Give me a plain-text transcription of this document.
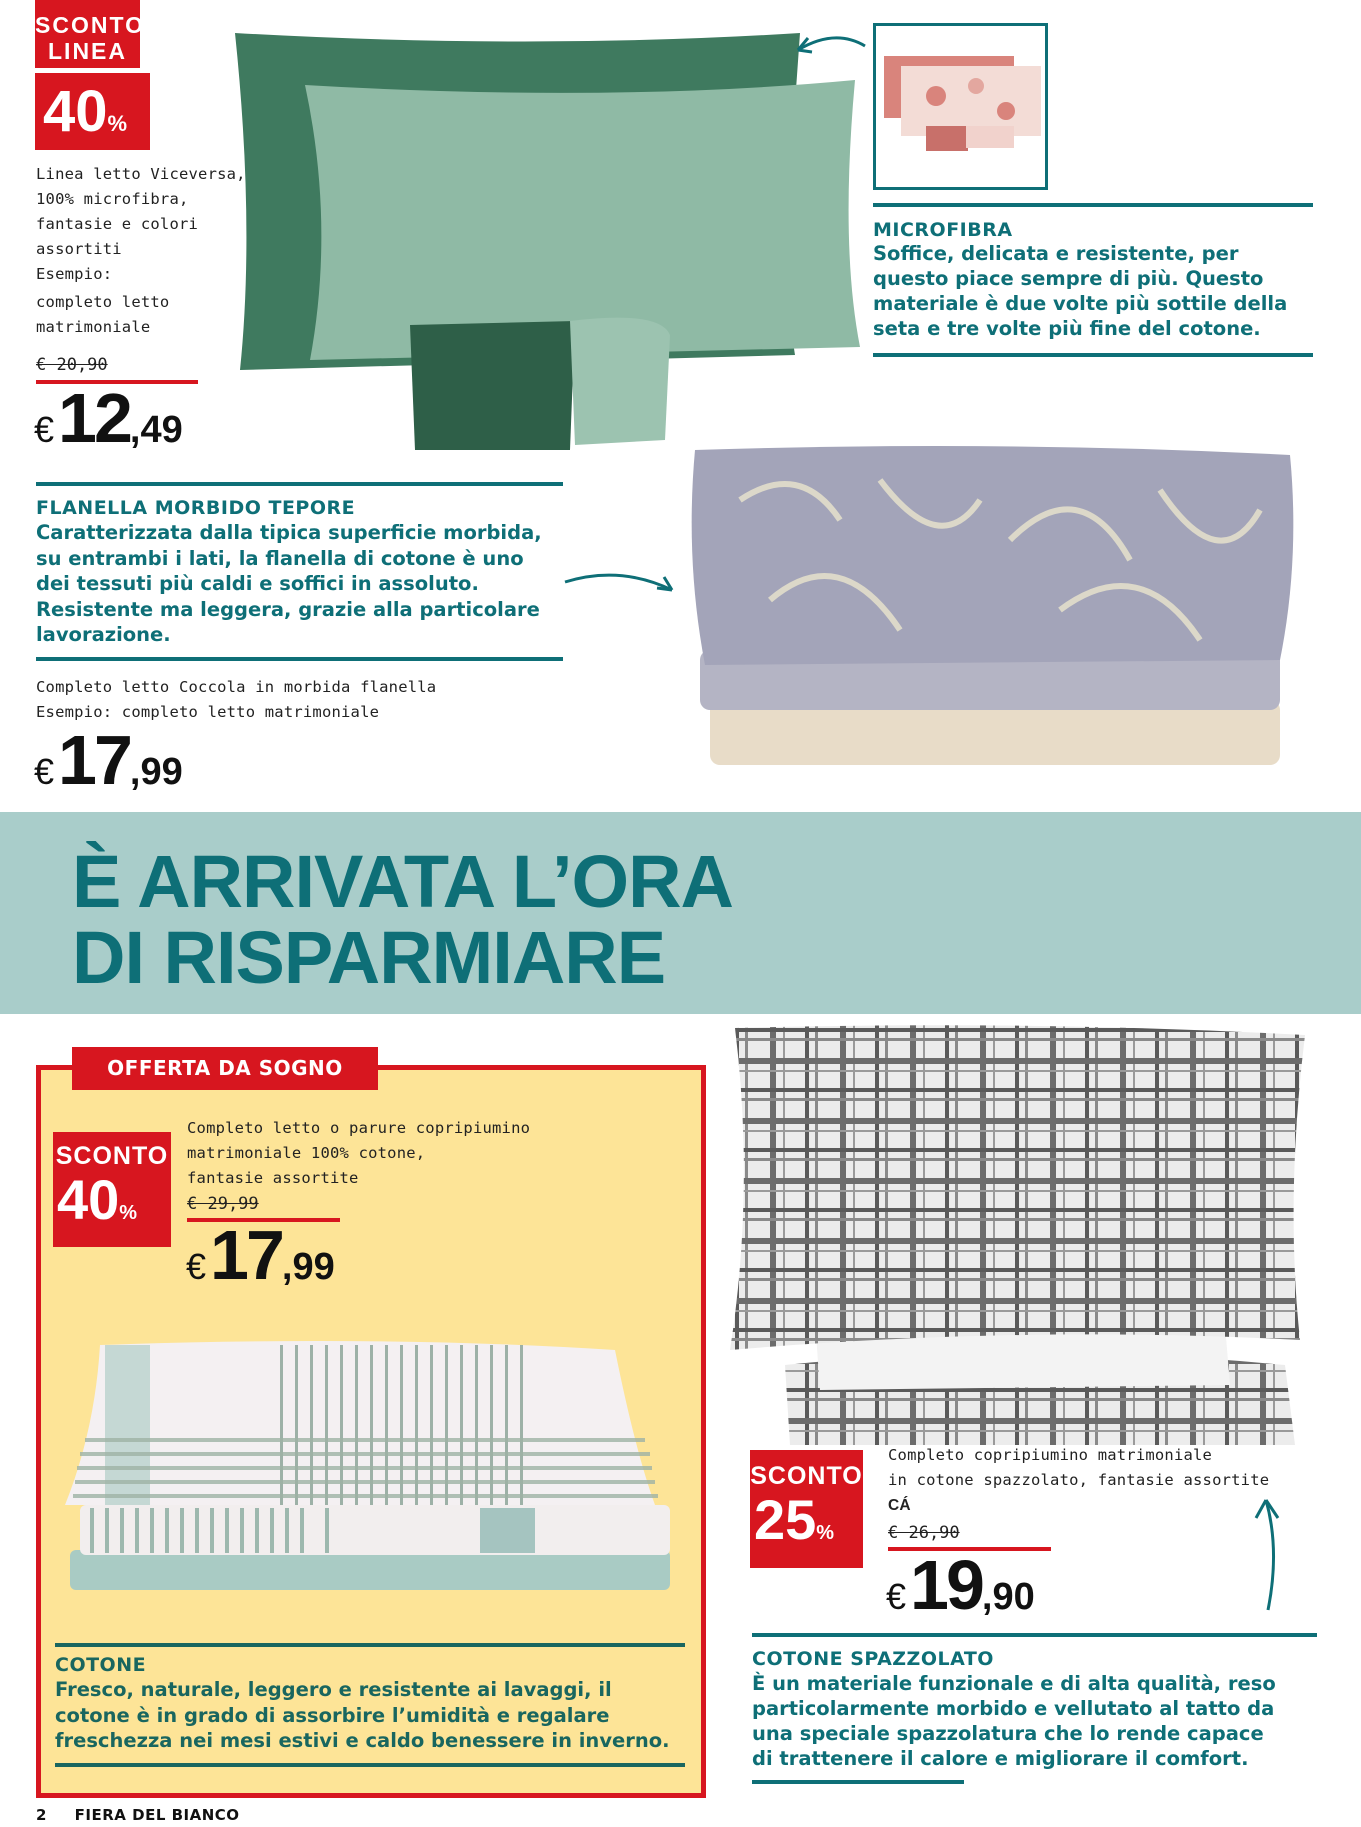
SCONTO
LINEA
40%
Linea letto Viceversa,
100% microfibra,
fantasie e colori
assortiti
Esempio:
completo letto
matrimoniale
€ 20,90
€12,49
MICROFIBRA
Soffice, delicata e resistente, per
questo piace sempre di più. Questo
materiale è due volte più sottile della
seta e tre volte più fine del cotone.
FLANELLA MORBIDO TEPORE
Caratterizzata dalla tipica superficie morbida,
su entrambi i lati, la flanella di cotone è uno
dei tessuti più caldi e soffici in assoluto.
Resistente ma leggera, grazie alla particolare
lavorazione.
Completo letto Coccola in morbida flanella
Esempio: completo letto matrimoniale
€17,99
È ARRIVATA L’ORA
DI RISPARMIARE
OFFERTA DA SOGNO
SCONTO
40%
Completo letto o parure copripiumino
matrimoniale 100% cotone,
fantasie assortite
€ 29,99
€17,99
COTONE
Fresco, naturale, leggero e resistente ai lavaggi, il
cotone è in grado di assorbire l’umidità e regalare
freschezza nei mesi estivi e caldo benessere in inverno.
SCONTO
25%
Completo copripiumino matrimoniale
in cotone spazzolato, fantasie assortite
CÁ
€ 26,90
€19,90
COTONE SPAZZOLATO
È un materiale funzionale e di alta qualità, reso
particolarmente morbido e vellutato al tatto da
una speciale spazzolatura che lo rende capace
di trattenere il calore e migliorare il comfort.
2 FIERA DEL BIANCO
